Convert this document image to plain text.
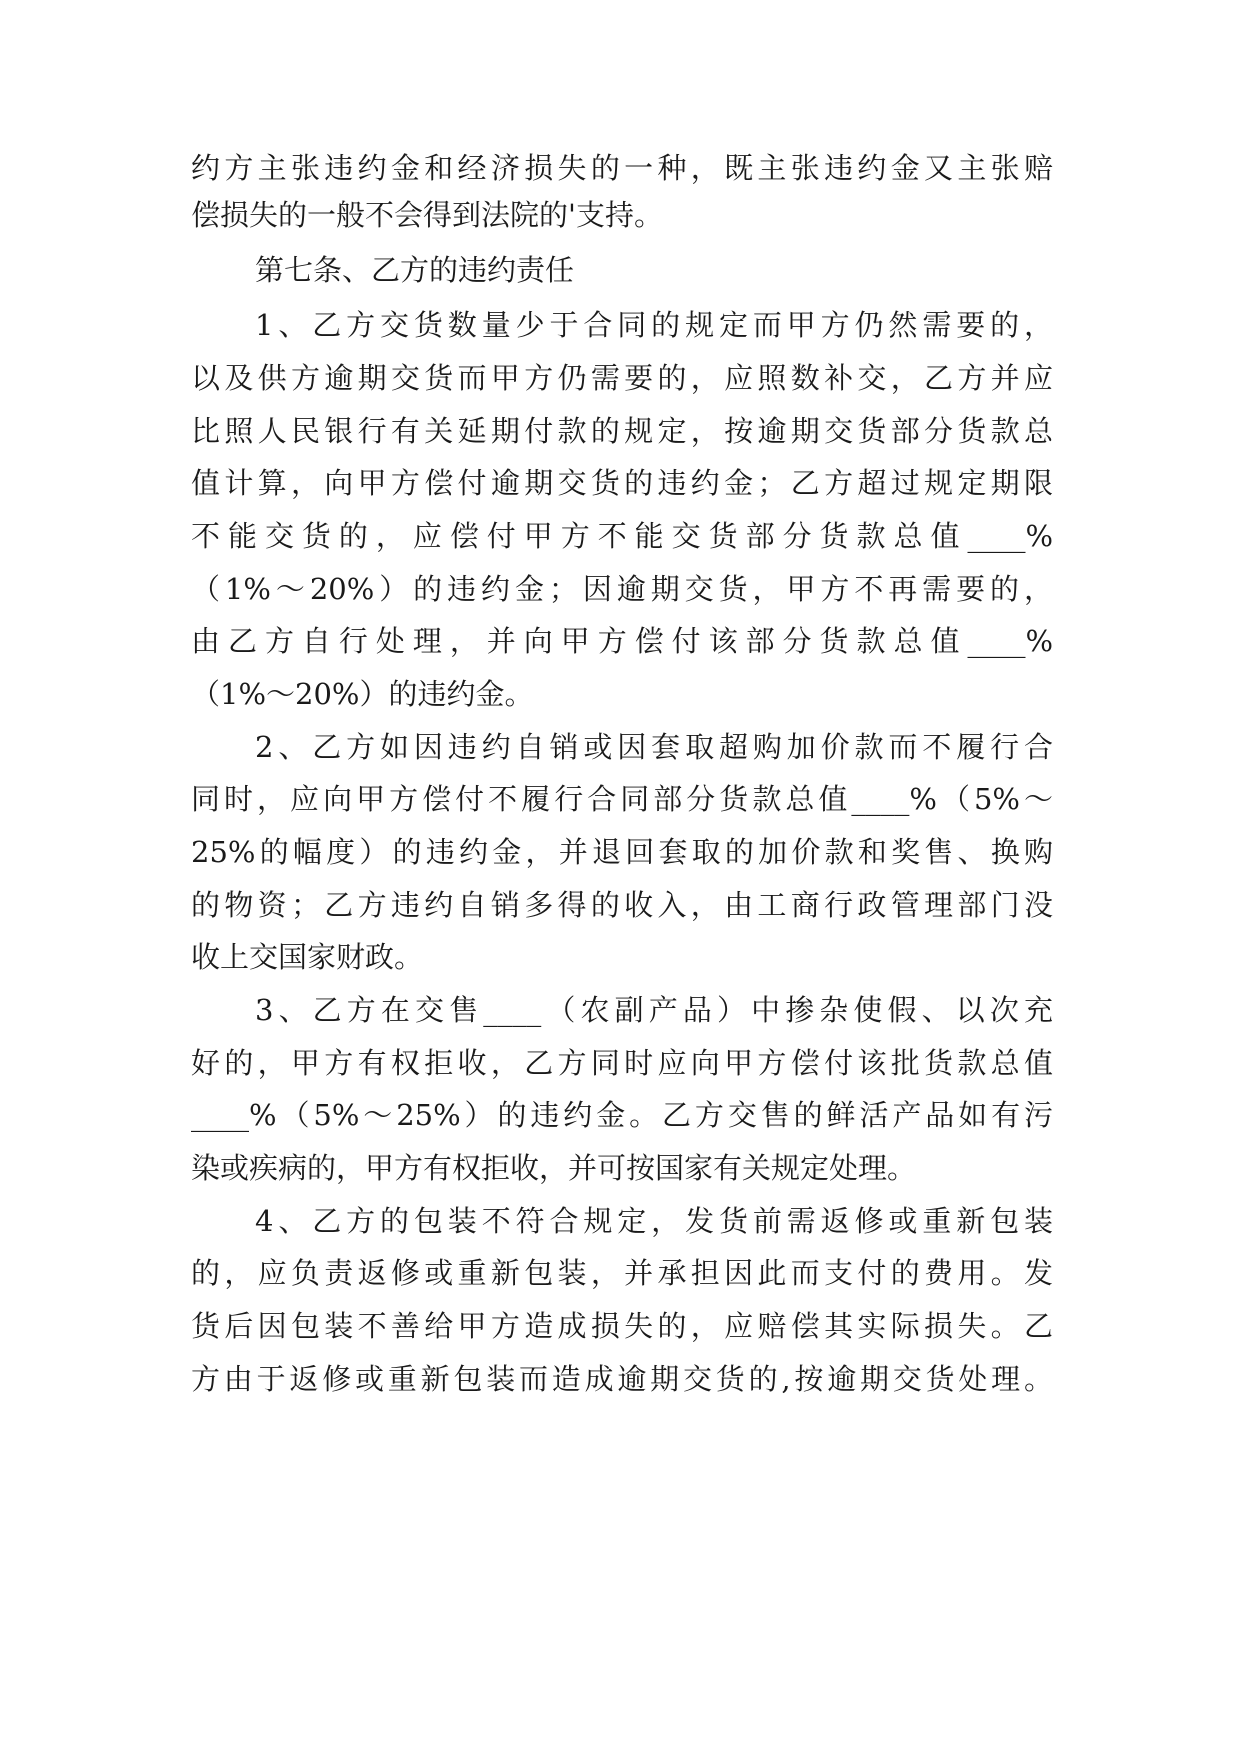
约方主张违约金和经济损失的一种，既主张违约金又主张赔
偿损失的一般不会得到法院的'支持。
第七条、乙方的违约责任
1、乙方交货数量少于合同的规定而甲方仍然需要的，
以及供方逾期交货而甲方仍需要的，应照数补交，乙方并应
比照人民银行有关延期付款的规定，按逾期交货部分货款总
值计算，向甲方偿付逾期交货的违约金；乙方超过规定期限
不能交货的，应偿付甲方不能交货部分货款总值____%
（1%～20%）的违约金；因逾期交货，甲方不再需要的，
由乙方自行处理，并向甲方偿付该部分货款总值____%
（1%～20%）的违约金。
2、乙方如因违约自销或因套取超购加价款而不履行合
同时，应向甲方偿付不履行合同部分货款总值____%（5%～
25%的幅度）的违约金，并退回套取的加价款和奖售、换购
的物资；乙方违约自销多得的收入，由工商行政管理部门没
收上交国家财政。
3、乙方在交售____（农副产品）中掺杂使假、以次充
好的，甲方有权拒收，乙方同时应向甲方偿付该批货款总值
____%（5%～25%）的违约金。乙方交售的鲜活产品如有污
染或疾病的，甲方有权拒收，并可按国家有关规定处理。
4、乙方的包装不符合规定，发货前需返修或重新包装
的，应负责返修或重新包装，并承担因此而支付的费用。发
货后因包装不善给甲方造成损失的，应赔偿其实际损失。乙
方由于返修或重新包装而造成逾期交货的,按逾期交货处理。
